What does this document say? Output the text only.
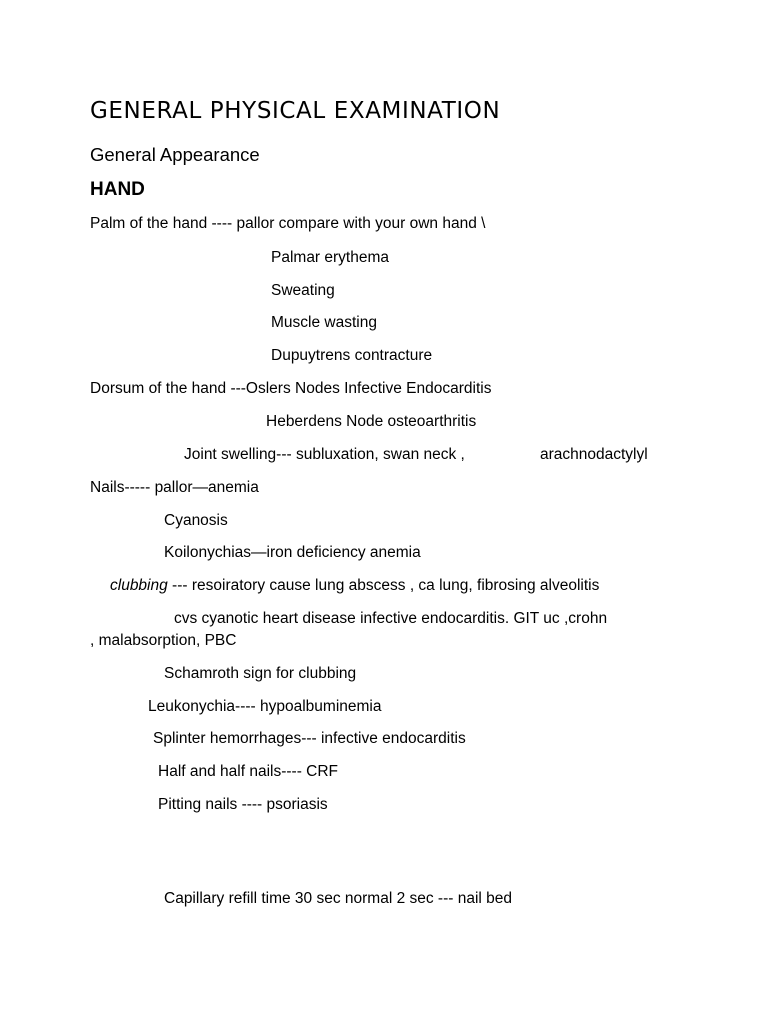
GENERAL PHYSICAL EXAMINATION
General Appearance
HAND
Palm of the hand ---- pallor compare with your own hand \
Palmar erythema
Sweating
Muscle wasting
Dupuytrens contracture
Dorsum of the hand ---Oslers Nodes Infective Endocarditis
Heberdens Node osteoarthritis
Joint swelling--- subluxation, swan neck ,	arachnodactylyl
Nails----- pallor—anemia
Cyanosis
Koilonychias—iron deficiency anemia
clubbing --- resoiratory cause lung abscess , ca lung, fibrosing alveolitis
cvs cyanotic heart disease infective endocarditis. GIT uc ,crohn
, malabsorption, PBC
Schamroth sign for clubbing
Leukonychia---- hypoalbuminemia
Splinter hemorrhages--- infective endocarditis
Half and half nails---- CRF
Pitting nails ---- psoriasis
Capillary refill time 30 sec normal 2 sec --- nail bed
